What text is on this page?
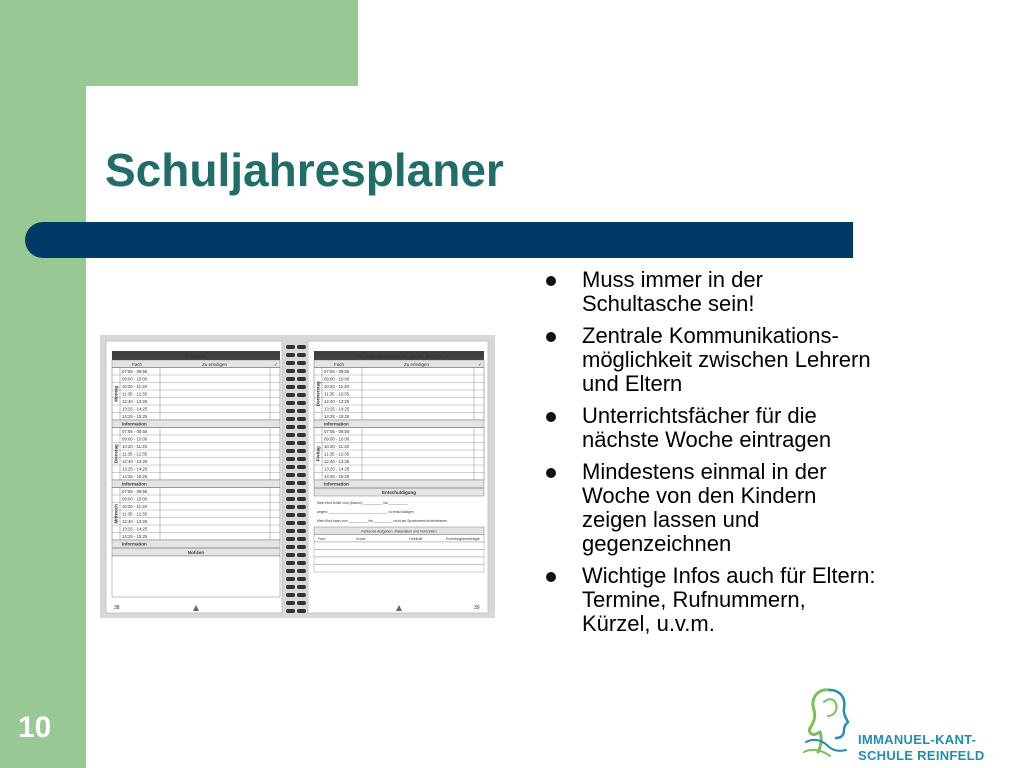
Schuljahresplaner
A-Woche
Fach	Zu erledigen	✓
07:55 - 08:55
09:00 - 10:00
10:20 - 11:20
11:35 - 12:35
12:40 - 13:25
13:25 - 14:25
14:25 - 15:25
Montag
Information
07:55 - 08:55
09:00 - 10:00
10:20 - 11:20
11:35 - 12:35
12:40 - 13:25
13:25 - 14:25
14:25 - 15:25
Dienstag
Information
07:55 - 08:55
09:00 - 10:00
10:20 - 11:20
11:35 - 12:35
12:40 - 13:25
13:25 - 14:25
14:25 - 15:25
Mittwoch
Information
Notizen
38
34. Kalenderwoche 20. bis 24. August
Fach	Zu erledigen	✓
07:55 - 08:55
09:00 - 10:00
10:20 - 11:20
11:35 - 12:35
12:40 - 13:25
13:25 - 14:25
14:25 - 15:25
Donnerstag
Information
07:55 - 08:55
09:00 - 10:00
10:20 - 11:20
11:35 - 12:35
12:40 - 13:25
13:25 - 14:25
14:25 - 15:25
Freitag
Information
Entschuldigung
Mein Kind fehlte vom (Datum): __________ bis __________
wegen: _______________________________ zu entschuldigen.
Mein Kind kann vom __________ bis __________ nicht am Sportunterricht teilnehmen.
Fehlende Aufgaben, Materialien und Fehlzeiten
Fach	Grund	Lehrkraft	Erziehungsberechtigte
39
Muss immer in der
Schultasche sein!
Zentrale Kommunikations-
möglichkeit zwischen Lehrern
und Eltern
Unterrichtsfächer für die
nächste Woche eintragen
Mindestens einmal in der
Woche von den Kindern
zeigen lassen und
gegenzeichnen
Wichtige Infos auch für Eltern:
Termine, Rufnummern,
Kürzel, u.v.m.
10	IMMANUEL-KANT-
SCHULE REINFELD
